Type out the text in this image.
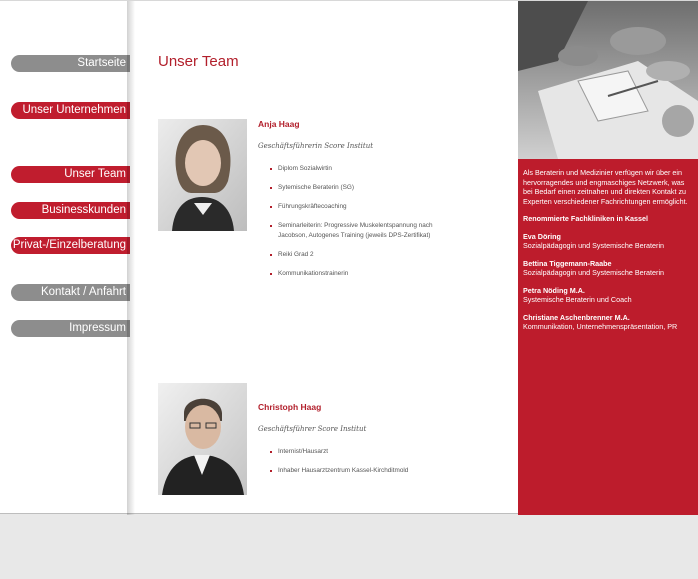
Startseite
Unser Unternehmen
Unser Team
Businesskunden
Privat-/Einzelberatung
Kontakt / Anfahrt
Impressum
Unser Team
Anja Haag
Geschäftsführerin Score Institut
Diplom Sozialwirtin
Sytemische Beraterin (SG)
Führungskräftecoaching
Seminarleiterin: Progressive Muskelentspannung nach Jacobson, Autogenes Training (jeweils DPS-Zertifikat)
Reiki Grad 2
Kommunikationstrainerin
Christoph Haag
Geschäftsführer Score Institut
Internist/Hausarzt
Inhaber Hausarztzentrum Kassel-Kirchditmold
Als Beraterin und Medizinier verfügen wir über ein hervorragendes und engmaschiges Netzwerk, was bei Bedarf einen zeitnahen und direkten Kontakt zu Experten verschiedener Fachrichtungen ermöglicht.
Renommierte Fachkliniken in Kassel
Eva Döring
Sozialpädagogin und Systemische Beraterin
Bettina Tiggemann-Raabe
Sozialpädagogin und Systemische Beraterin
Petra Nöding M.A.
Systemische Beraterin und Coach
Christiane Aschenbrenner M.A.
Kommunikation, Unternehmenspräsentation, PR
